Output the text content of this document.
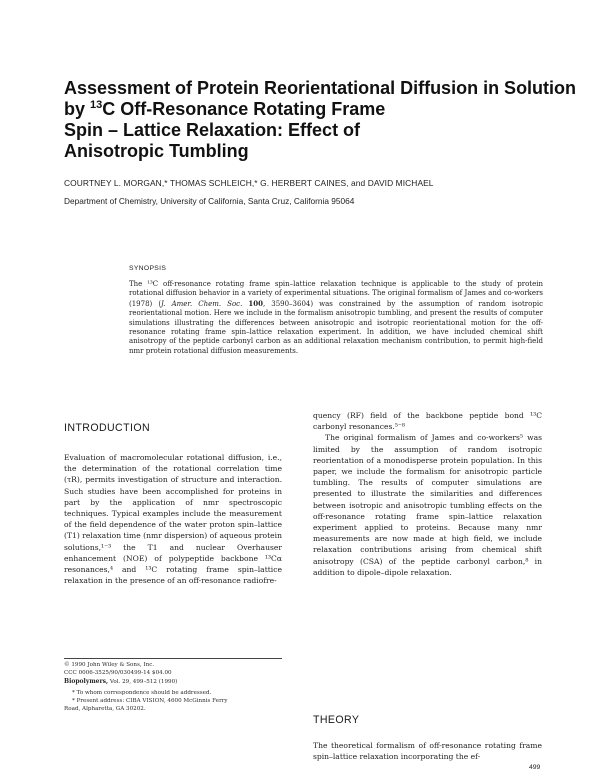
Assessment of Protein Reorientational Diffusion in Solution
by $^{13}$C Off-Resonance Rotating Frame
Spin – Lattice Relaxation: Effect of
Anisotropic Tumbling
COURTNEY L. MORGAN,* THOMAS SCHLEICH,* G. HERBERT CAINES, and DAVID MICHAEL
Department of Chemistry, University of California, Santa Cruz, California 95064
SYNOPSIS
The ¹³C off-resonance rotating frame spin–lattice relaxation technique is applicable to the study of protein rotational diffusion behavior in a variety of experimental situations. The original formalism of James and co-workers (1978) (J. Amer. Chem. Soc. 100, 3590–3604) was constrained by the assumption of random isotropic reorientational motion. Here we include in the formalism anisotropic tumbling, and present the results of computer simulations illustrating the differences between anisotropic and isotropic reorientational motion for the off-resonance rotating frame spin–lattice relaxation experiment. In addition, we have included chemical shift anisotropy of the peptide carbonyl carbon as an additional relaxation mechanism contribution, to permit high-field nmr protein rotational diffusion measurements.
INTRODUCTION

Evaluation of macromolecular rotational diffusion, i.e., the determination of the rotational correlation time (τR), permits investigation of structure and interaction. Such studies have been accomplished for proteins in part by the application of nmr spectroscopic techniques. Typical examples include the measurement of the field dependence of the water proton spin–lattice (T1) relaxation time (nmr dispersion) of aqueous protein solutions,¹⁻³ the T1 and nuclear Overhauser enhancement (NOE) of polypeptide backbone ¹³Cα resonances,⁴ and ¹³C rotating frame spin–lattice relaxation in the presence of an off-resonance radiofre-

quency (RF) field of the backbone peptide bond ¹³C carbonyl resonances.⁵⁻⁸

The original formalism of James and co-workers⁵ was limited by the assumption of random isotropic reorientation of a monodisperse protein population. In this paper, we include the formalism for anisotropic particle tumbling. The results of computer simulations are presented to illustrate the similarities and differences between isotropic and anisotropic tumbling effects on the off-resonance rotating frame spin–lattice relaxation experiment applied to proteins. Because many nmr measurements are now made at high field, we include relaxation contributions arising from chemical shift anisotropy (CSA) of the peptide carbonyl carbon,⁸ in addition to dipole–dipole relaxation.

© 1990 John Wiley & Sons, Inc.
CCC 0006-3525/90/030499-14 $04.00
Biopolymers, Vol. 29, 499–512 (1990)
* To whom correspondence should be addressed.
* Present address: CIBA VISION, 4600 McGinnis Ferry
Road, Alpharetta, GA 30202.
THEORY
The theoretical formalism of off-resonance rotating frame spin–lattice relaxation incorporating the ef-
499
